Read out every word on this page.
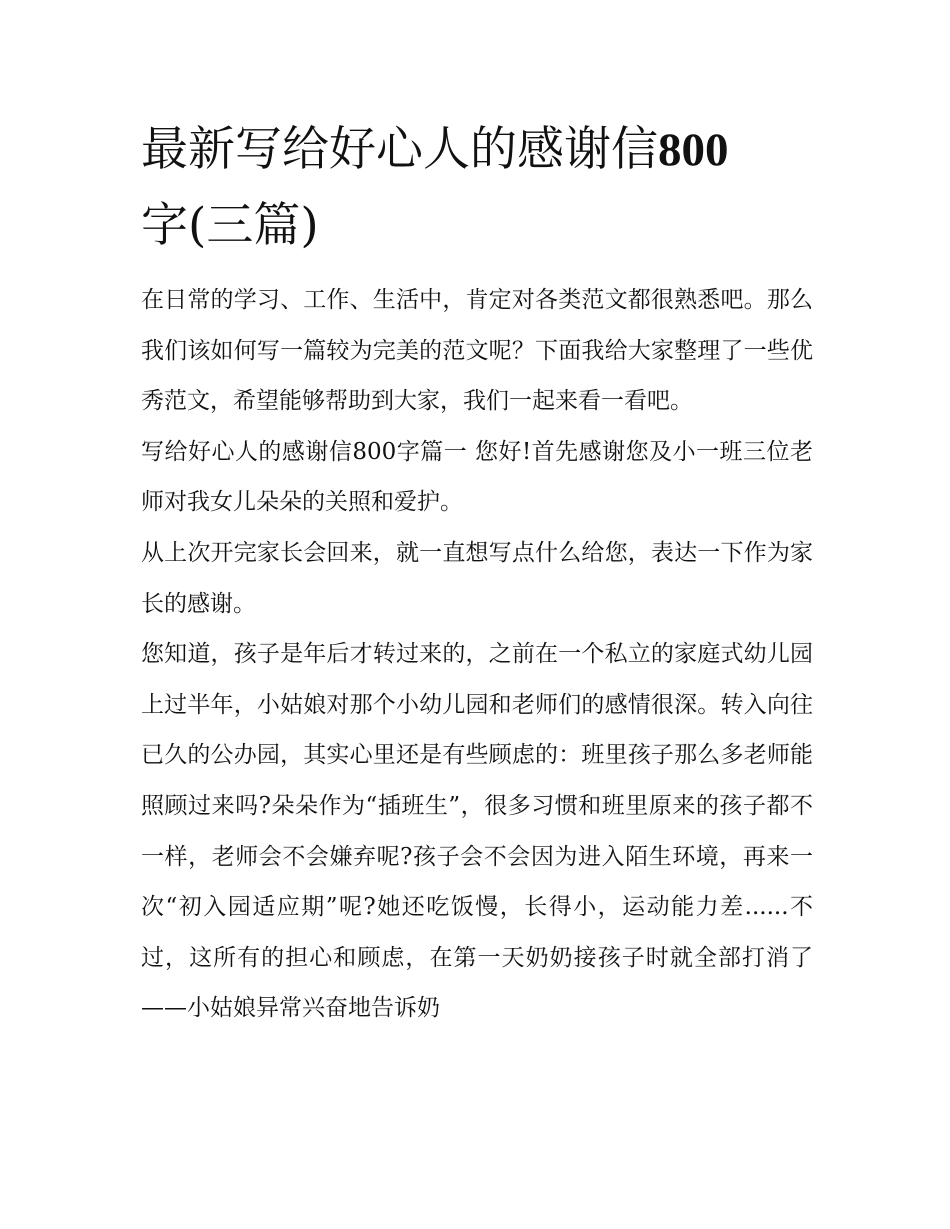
最新写给好心人的感谢信800
字(三篇)

在日常的学习、工作、生活中，肯定对各类范文都很熟悉吧。那么我们该如何写一篇较为完美的范文呢？下面我给大家整理了一些优秀范文，希望能够帮助到大家，我们一起来看一看吧。

写给好心人的感谢信800字篇一 您好!首先感谢您及小一班三位老师对我女儿朵朵的关照和爱护。

从上次开完家长会回来，就一直想写点什么给您，表达一下作为家长的感谢。

您知道，孩子是年后才转过来的，之前在一个私立的家庭式幼儿园上过半年，小姑娘对那个小幼儿园和老师们的感情很深。转入向往已久的公办园，其实心里还是有些顾虑的：班里孩子那么多老师能照顾过来吗?朵朵作为“插班生”，很多习惯和班里原来的孩子都不一样，老师会不会嫌弃呢?孩子会不会因为进入陌生环境，再来一次“初入园适应期”呢?她还吃饭慢，长得小，运动能力差......不过，这所有的担心和顾虑，在第一天奶奶接孩子时就全部打消了——小姑娘异常兴奋地告诉奶
